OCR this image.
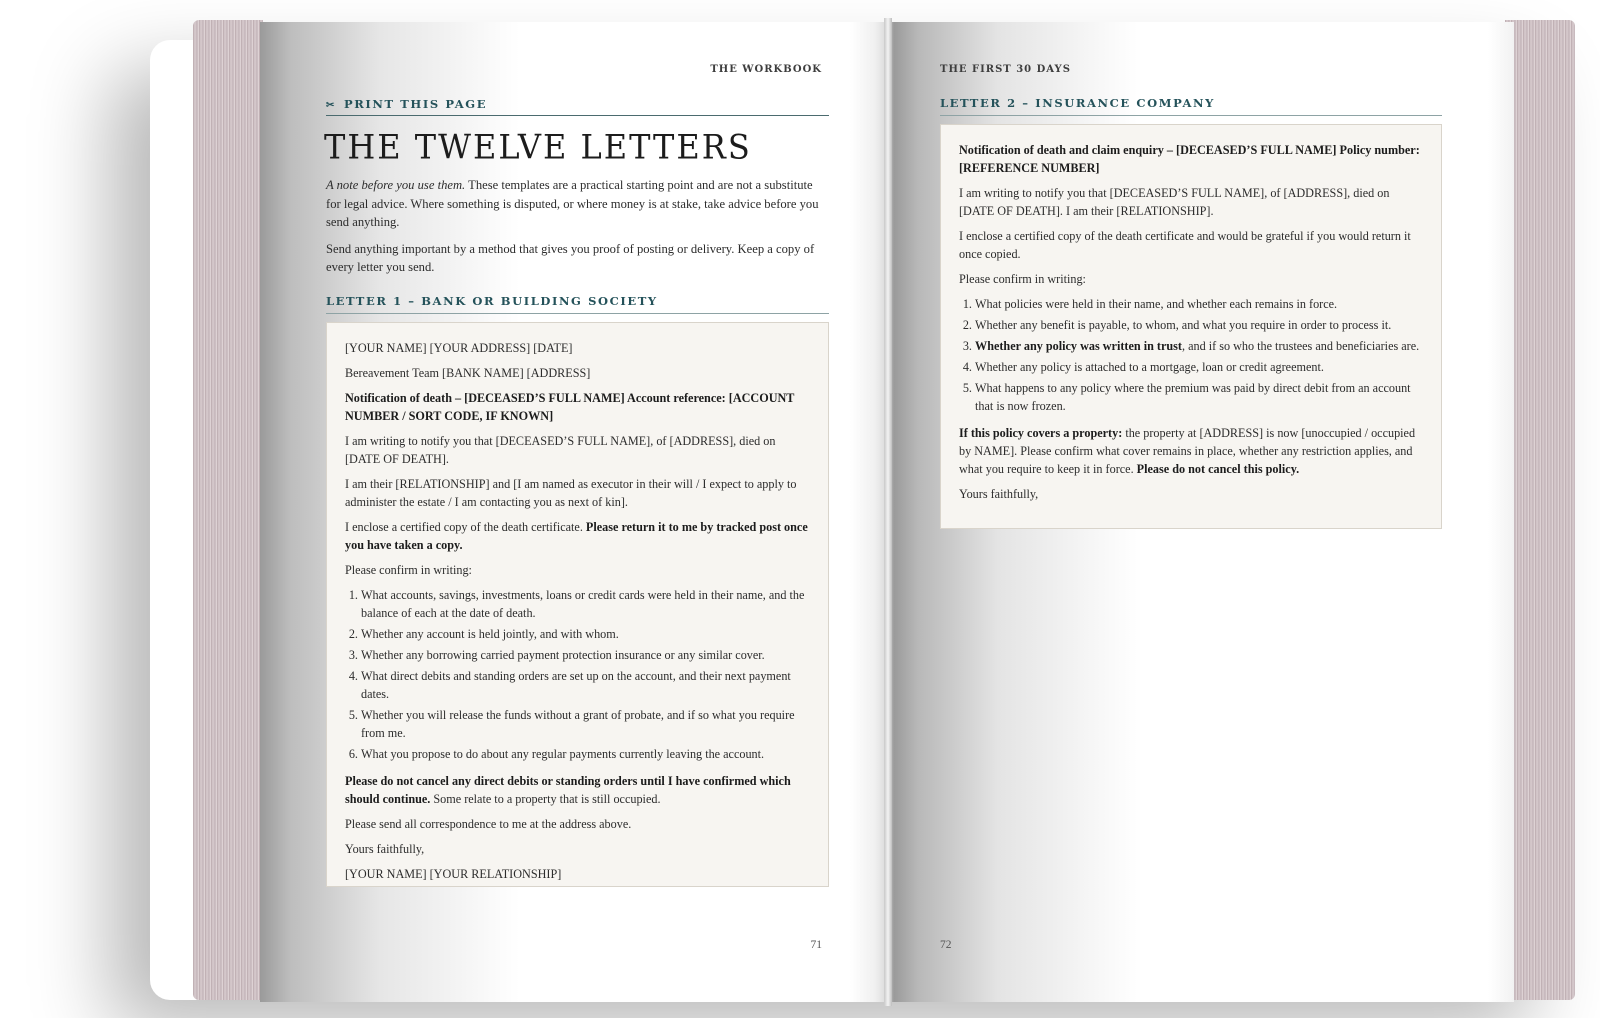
THE WORKBOOK
✂ PRINT THIS PAGE
THE TWELVE LETTERS

A note before you use them. These templates are a practical starting point and are not a substitute for legal advice. Where something is disputed, or where money is at stake, take advice before you send anything.

Send anything important by a method that gives you proof of posting or delivery. Keep a copy of every letter you send.

LETTER 1 – BANK OR BUILDING SOCIETY

[YOUR NAME] [YOUR ADDRESS] [DATE]

Bereavement Team [BANK NAME] [ADDRESS]

Notification of death – [DECEASED’S FULL NAME] Account reference: [ACCOUNT NUMBER / SORT CODE, IF KNOWN]

I am writing to notify you that [DECEASED’S FULL NAME], of [ADDRESS], died on [DATE OF DEATH].

I am their [RELATIONSHIP] and [I am named as executor in their will / I expect to apply to administer the estate / I am contacting you as next of kin].

I enclose a certified copy of the death certificate. Please return it to me by tracked post once you have taken a copy.

Please confirm in writing:

1. What accounts, savings, investments, loans or credit cards were held in their name, and the balance of each at the date of death.
2. Whether any account is held jointly, and with whom.
3. Whether any borrowing carried payment protection insurance or any similar cover.
4. What direct debits and standing orders are set up on the account, and their next payment dates.
5. Whether you will release the funds without a grant of probate, and if so what you require from me.
6. What you propose to do about any regular payments currently leaving the account.

Please do not cancel any direct debits or standing orders until I have confirmed which should continue. Some relate to a property that is still occupied.

Please send all correspondence to me at the address above.

Yours faithfully,

[YOUR NAME] [YOUR RELATIONSHIP]

71
THE FIRST 30 DAYS
LETTER 2 – INSURANCE COMPANY

Notification of death and claim enquiry – [DECEASED’S FULL NAME] Policy number: [REFERENCE NUMBER]

I am writing to notify you that [DECEASED’S FULL NAME], of [ADDRESS], died on [DATE OF DEATH]. I am their [RELATIONSHIP].

I enclose a certified copy of the death certificate and would be grateful if you would return it once copied.

Please confirm in writing:

1. What policies were held in their name, and whether each remains in force.
2. Whether any benefit is payable, to whom, and what you require in order to process it.
3. Whether any policy was written in trust, and if so who the trustees and beneficiaries are.
4. Whether any policy is attached to a mortgage, loan or credit agreement.
5. What happens to any policy where the premium was paid by direct debit from an account that is now frozen.

If this policy covers a property: the property at [ADDRESS] is now [unoccupied / occupied by NAME]. Please confirm what cover remains in place, whether any restriction applies, and what you require to keep it in force. Please do not cancel this policy.

Yours faithfully,

72
